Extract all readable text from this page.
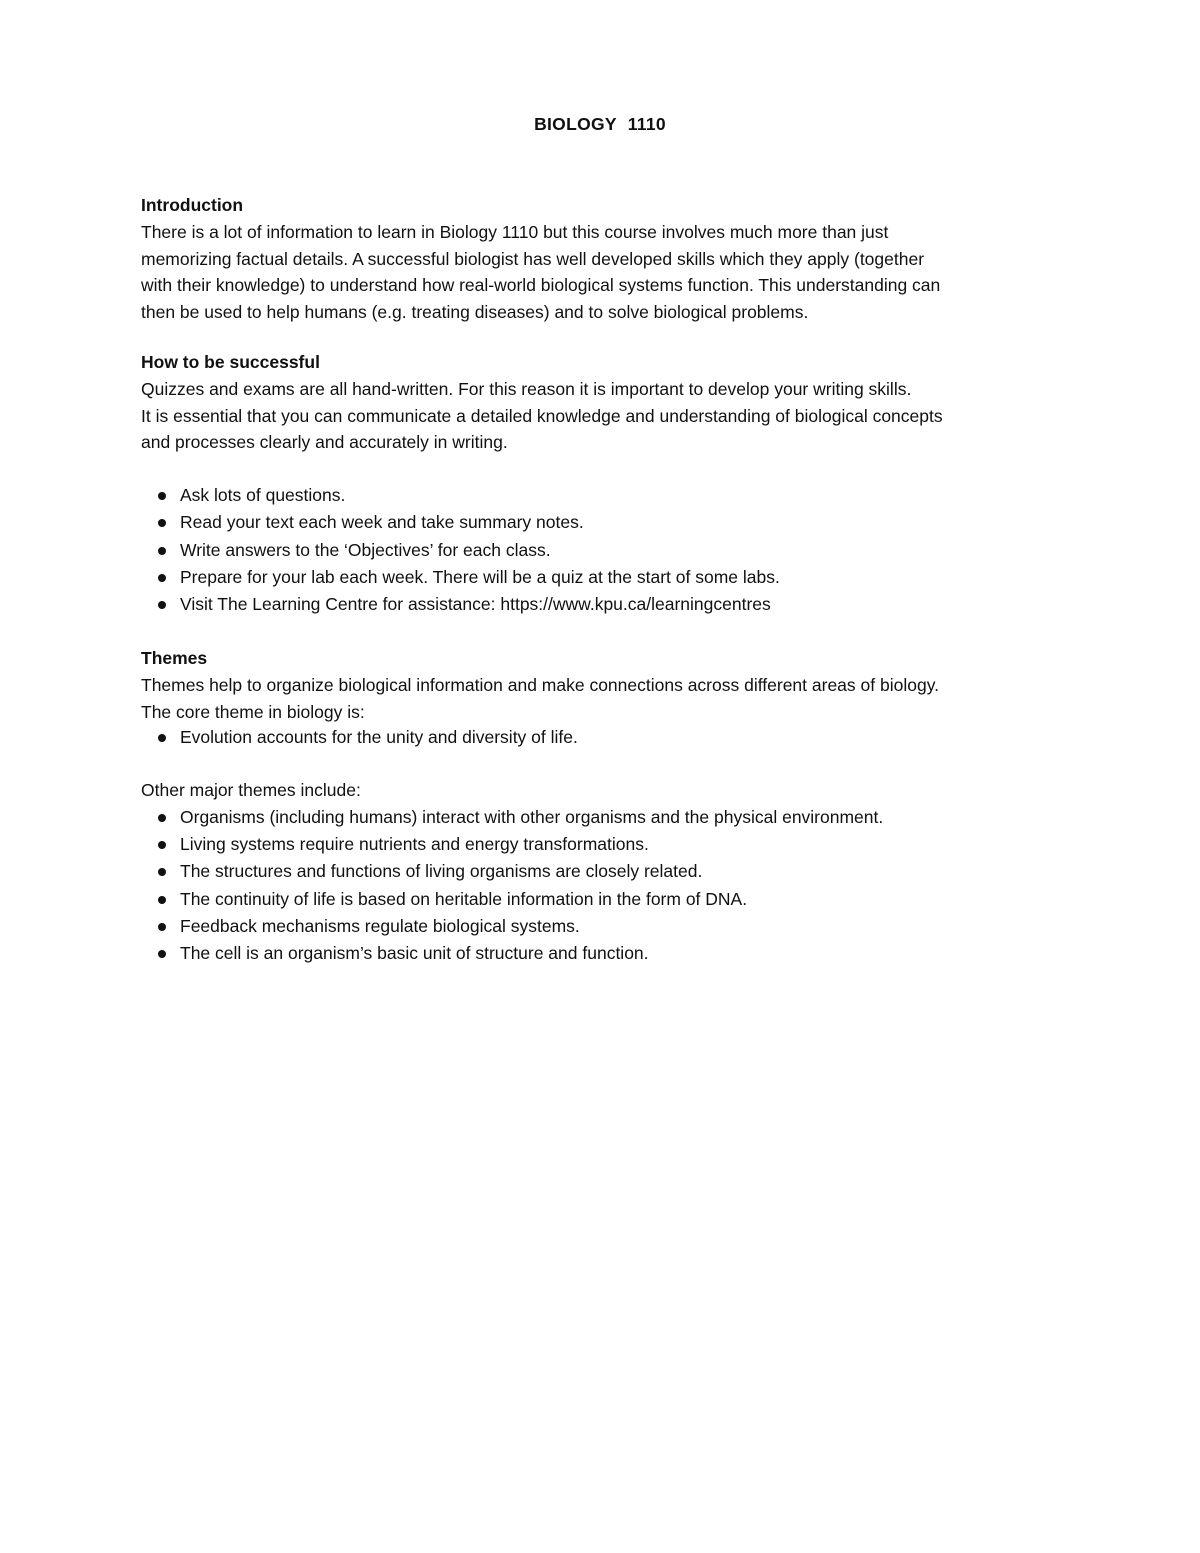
BIOLOGY 1110
Introduction
There is a lot of information to learn in Biology 1110 but this course involves much more than just
memorizing factual details. A successful biologist has well developed skills which they apply (together
with their knowledge) to understand how real-world biological systems function. This understanding can
then be used to help humans (e.g. treating diseases) and to solve biological problems.
How to be successful
Quizzes and exams are all hand-written. For this reason it is important to develop your writing skills.
It is essential that you can communicate a detailed knowledge and understanding of biological concepts
and processes clearly and accurately in writing.
Ask lots of questions.
Read your text each week and take summary notes.
Write answers to the ‘Objectives’ for each class.
Prepare for your lab each week. There will be a quiz at the start of some labs.
Visit The Learning Centre for assistance: https://www.kpu.ca/learningcentres
Themes
Themes help to organize biological information and make connections across different areas of biology.
The core theme in biology is:
Evolution accounts for the unity and diversity of life.
Other major themes include:
Organisms (including humans) interact with other organisms and the physical environment.
Living systems require nutrients and energy transformations.
The structures and functions of living organisms are closely related.
The continuity of life is based on heritable information in the form of DNA.
Feedback mechanisms regulate biological systems.
The cell is an organism’s basic unit of structure and function.
